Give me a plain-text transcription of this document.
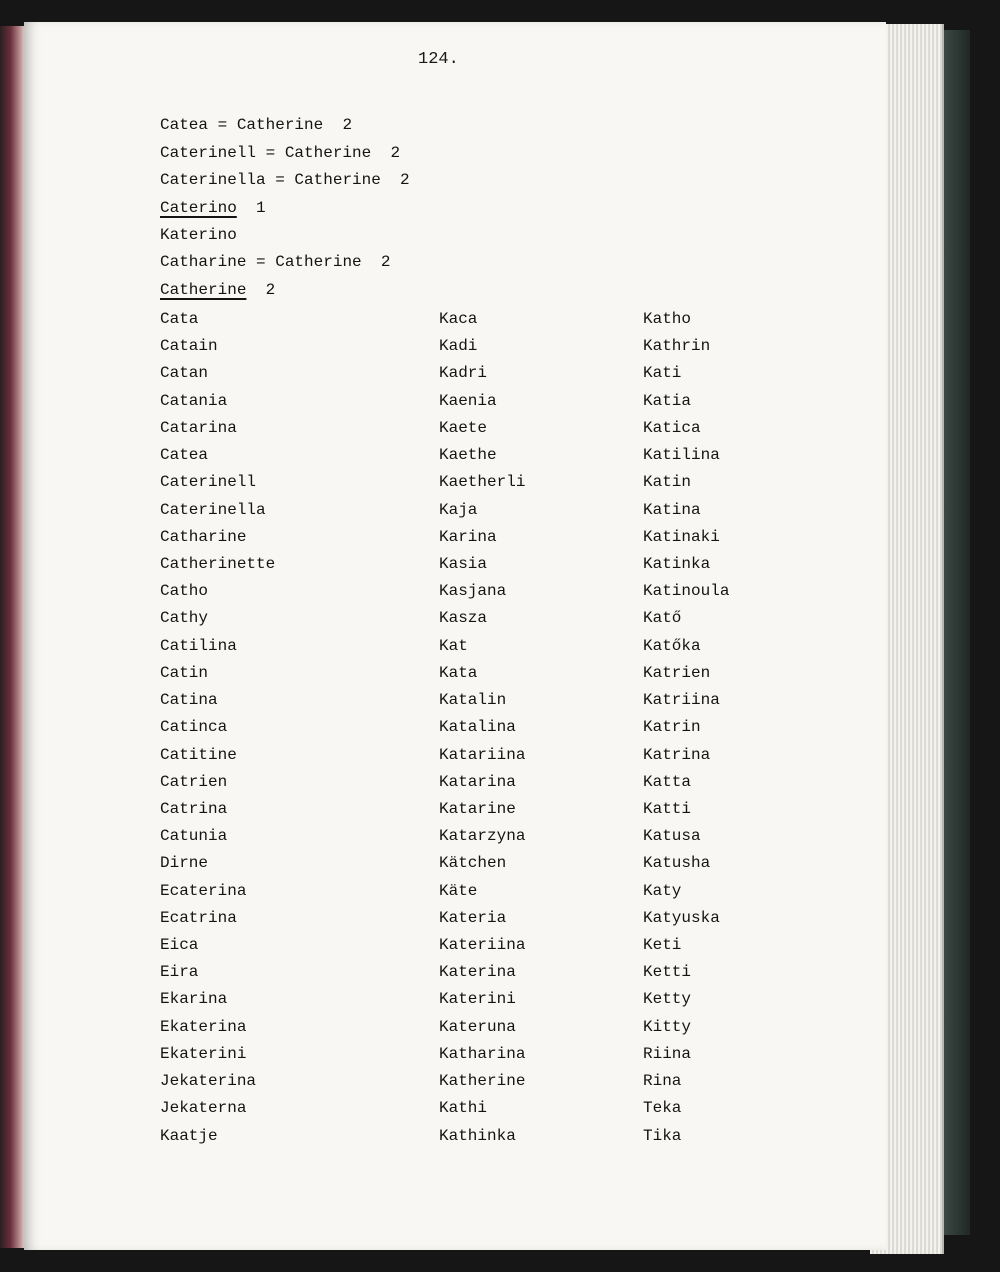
124.
Catea = Catherine  2
Caterinell = Catherine  2
Caterinella = Catherine  2
Caterino  1
Katerino
Catharine = Catherine  2
Catherine  2
Cata
Catain
Catan
Catania
Catarina
Catea
Caterinell
Caterinella
Catharine
Catherinette
Catho
Cathy
Catilina
Catin
Catina
Catinca
Catitine
Catrien
Catrina
Catunia
Dirne
Ecaterina
Ecatrina
Eica
Eira
Ekarina
Ekaterina
Ekaterini
Jekaterina
Jekaterna
Kaatje
Kaca
Kadi
Kadri
Kaenia
Kaete
Kaethe
Kaetherli
Kaja
Karina
Kasia
Kasjana
Kasza
Kat
Kata
Katalin
Katalina
Katariina
Katarina
Katarine
Katarzyna
Kätchen
Käte
Kateria
Kateriina
Katerina
Katerini
Kateruna
Katharina
Katherine
Kathi
Kathinka
Katho
Kathrin
Kati
Katia
Katica
Katilina
Katin
Katina
Katinaki
Katinka
Katinoula
Katő
Katőka
Katrien
Katriina
Katrin
Katrina
Katta
Katti
Katusa
Katusha
Katy
Katyuska
Keti
Ketti
Ketty
Kitty
Riina
Rina
Teka
Tika
